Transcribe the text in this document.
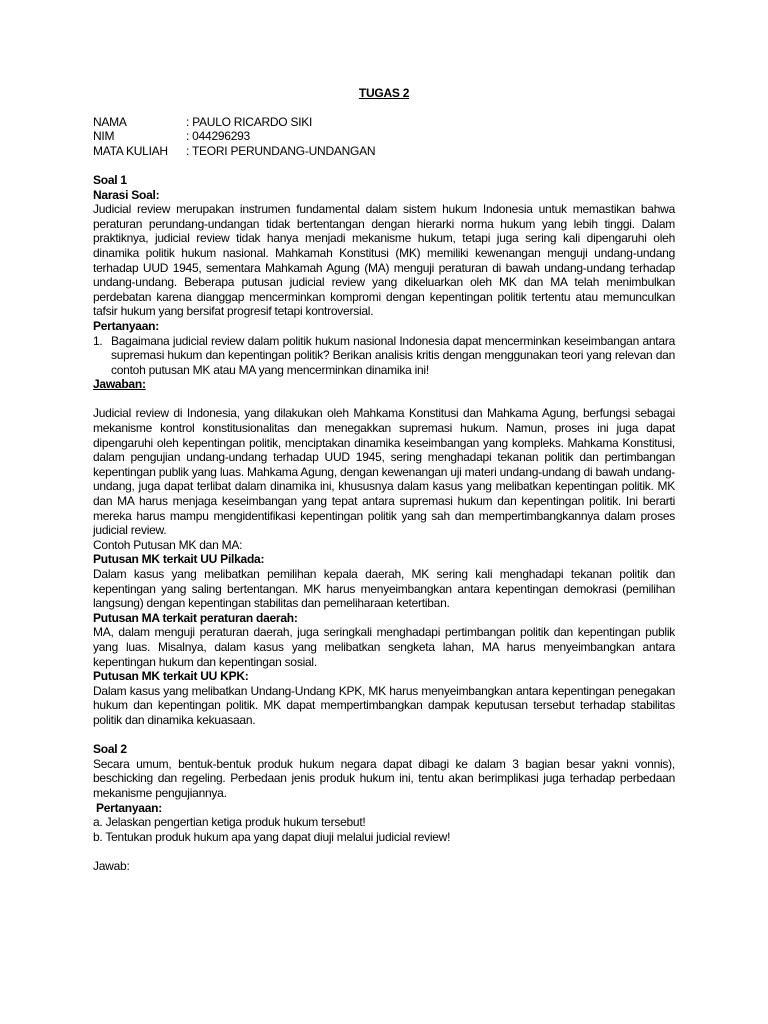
TUGAS 2
NAMA	: PAULO RICARDO SIKI
NIM	: 044296293
MATA KULIAH	: TEORI PERUNDANG-UNDANGAN
Soal 1
Narasi Soal:
Judicial review merupakan instrumen fundamental dalam sistem hukum Indonesia untuk memastikan bahwa peraturan perundang-undangan tidak bertentangan dengan hierarki norma hukum yang lebih tinggi. Dalam praktiknya, judicial review tidak hanya menjadi mekanisme hukum, tetapi juga sering kali dipengaruhi oleh dinamika politik hukum nasional. Mahkamah Konstitusi (MK) memiliki kewenangan menguji undang-undang terhadap UUD 1945, sementara Mahkamah Agung (MA) menguji peraturan di bawah undang-undang terhadap undang-undang. Beberapa putusan judicial review yang dikeluarkan oleh MK dan MA telah menimbulkan perdebatan karena dianggap mencerminkan kompromi dengan kepentingan politik tertentu atau memunculkan tafsir hukum yang bersifat progresif tetapi kontroversial.
Pertanyaan:
1. Bagaimana judicial review dalam politik hukum nasional Indonesia dapat mencerminkan keseimbangan antara supremasi hukum dan kepentingan politik? Berikan analisis kritis dengan menggunakan teori yang relevan dan contoh putusan MK atau MA yang mencerminkan dinamika ini!
Jawaban:
Judicial review di Indonesia, yang dilakukan oleh Mahkama Konstitusi dan Mahkama Agung, berfungsi sebagai mekanisme kontrol konstitusionalitas dan menegakkan supremasi hukum. Namun, proses ini juga dapat dipengaruhi oleh kepentingan politik, menciptakan dinamika keseimbangan yang kompleks. Mahkama Konstitusi, dalam pengujian undang-undang terhadap UUD 1945, sering menghadapi tekanan politik dan pertimbangan kepentingan publik yang luas. Mahkama Agung, dengan kewenangan uji materi undang-undang di bawah undang-undang, juga dapat terlibat dalam dinamika ini, khususnya dalam kasus yang melibatkan kepentingan politik. MK dan MA harus menjaga keseimbangan yang tepat antara supremasi hukum dan kepentingan politik. Ini berarti mereka harus mampu mengidentifikasi kepentingan politik yang sah dan mempertimbangkannya dalam proses judicial review.
Contoh Putusan MK dan MA:
Putusan MK terkait UU Pilkada:
Dalam kasus yang melibatkan pemilihan kepala daerah, MK sering kali menghadapi tekanan politik dan kepentingan yang saling bertentangan. MK harus menyeimbangkan antara kepentingan demokrasi (pemilihan langsung) dengan kepentingan stabilitas dan pemeliharaan ketertiban.
Putusan MA terkait peraturan daerah:
MA, dalam menguji peraturan daerah, juga seringkali menghadapi pertimbangan politik dan kepentingan publik yang luas. Misalnya, dalam kasus yang melibatkan sengketa lahan, MA harus menyeimbangkan antara kepentingan hukum dan kepentingan sosial.
Putusan MK terkait UU KPK:
Dalam kasus yang melibatkan Undang-Undang KPK, MK harus menyeimbangkan antara kepentingan penegakan hukum dan kepentingan politik. MK dapat mempertimbangkan dampak keputusan tersebut terhadap stabilitas politik dan dinamika kekuasaan.
Soal 2
Secara umum, bentuk-bentuk produk hukum negara dapat dibagi ke dalam 3 bagian besar yakni vonnis), beschicking dan regeling. Perbedaan jenis produk hukum ini, tentu akan berimplikasi juga terhadap perbedaan mekanisme pengujiannya.
Pertanyaan:
a. Jelaskan pengertian ketiga produk hukum tersebut!
b. Tentukan produk hukum apa yang dapat diuji melalui judicial review!
Jawab:
